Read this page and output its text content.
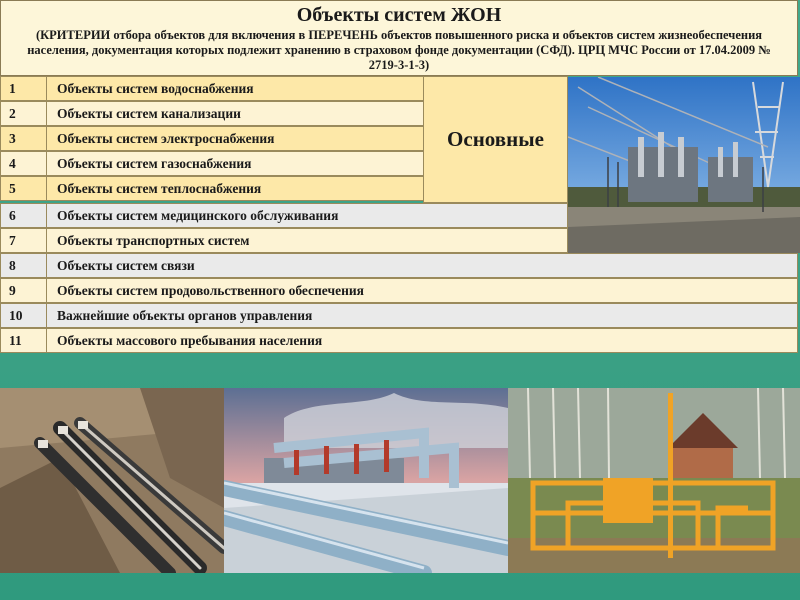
Объекты систем ЖОН
(КРИТЕРИИ отбора объектов для включения в ПЕРЕЧЕНЬ объектов повышенного риска и объектов систем жизнеобеспечения населения, документация которых подлежит хранению в страховом фонде документации (СФД). ЦРЦ МЧС России от 17.04.2009 № 2719-3-1-3)
1	Объекты систем водоснабжения
2	Объекты систем канализации
3	Объекты систем электроснабжения
4	Объекты систем газоснабжения
5	Объекты систем теплоснабжения
Основные
6	Объекты систем медицинского обслуживания
7	Объекты транспортных систем
8	Объекты систем связи
9	Объекты систем продовольственного обеспечения
10	Важнейшие объекты органов управления
11	Объекты массового пребывания населения
